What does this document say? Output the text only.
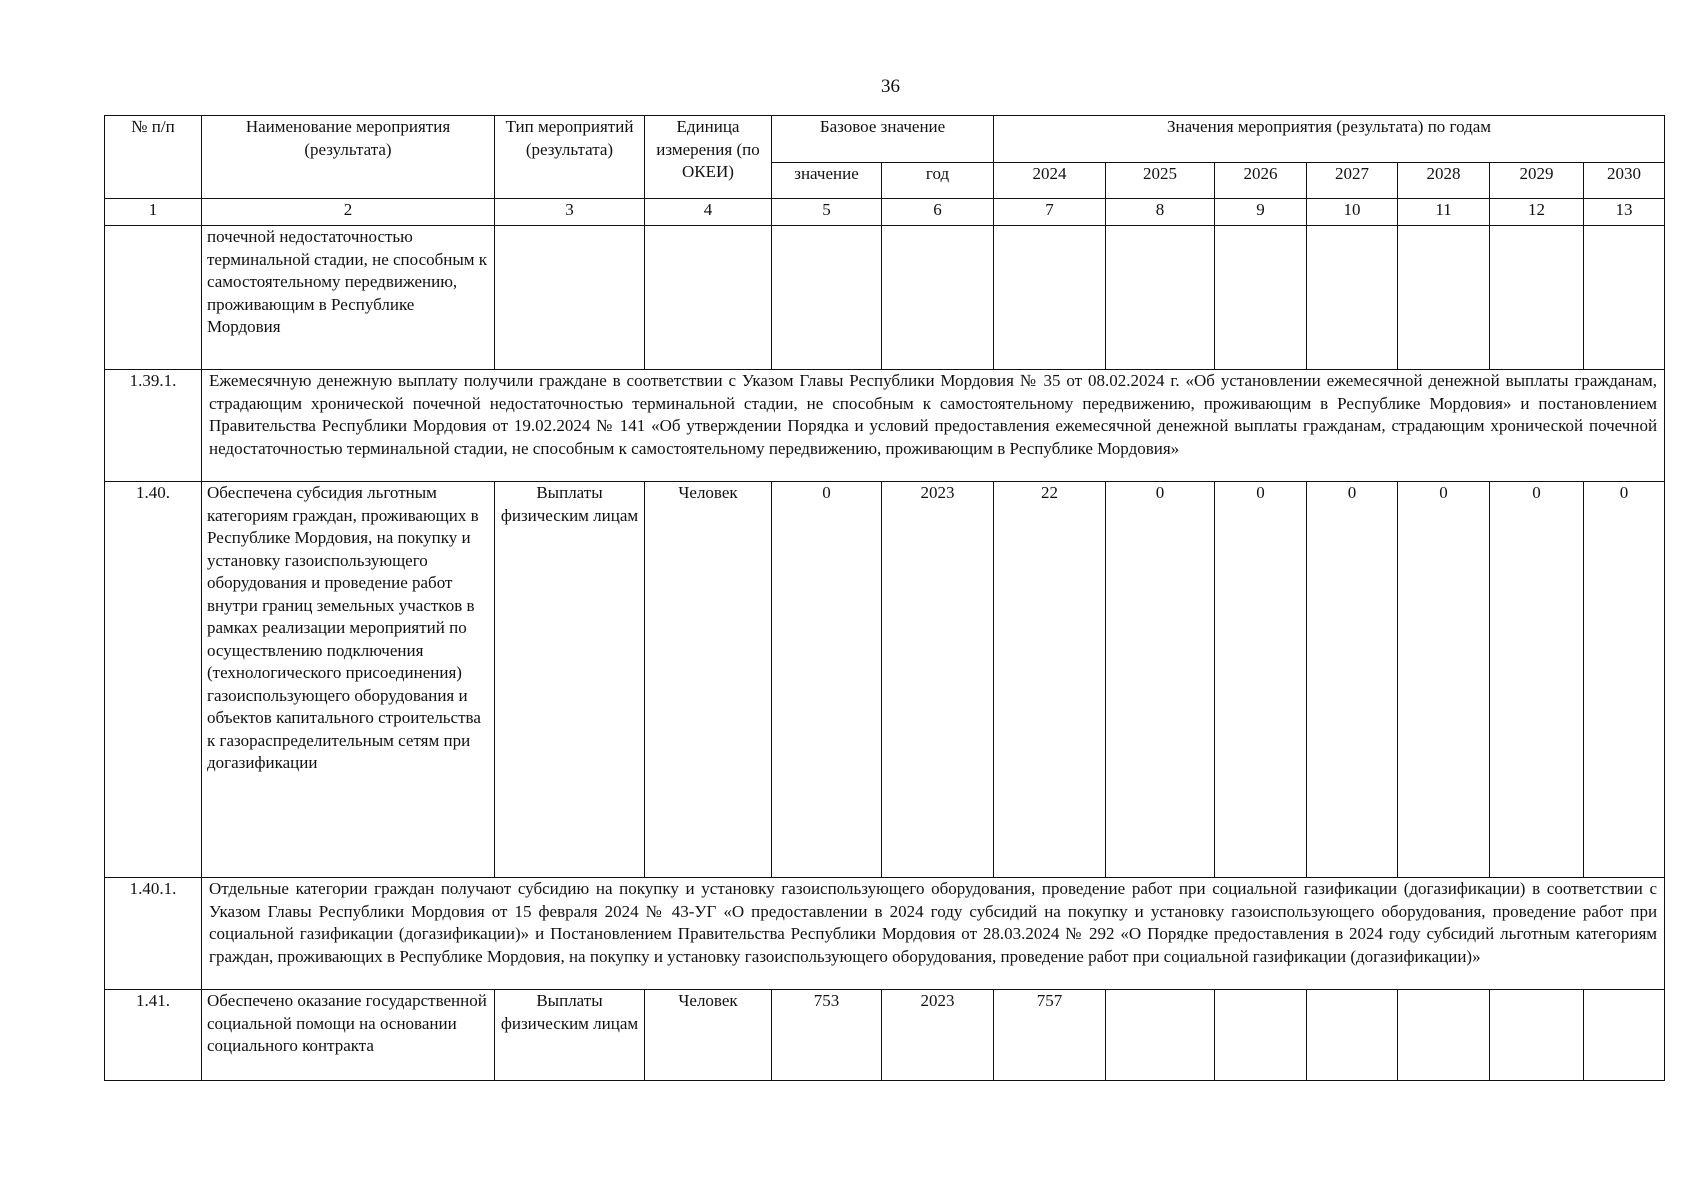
36
№ п/п	Наименование мероприятия (результата)	Тип мероприятий (результата)	Единица измерения (по ОКЕИ)	Базовое значение		Значения мероприятия (результата) по годам						
				значение	год	2024	2025	2026	2027	2028	2029	2030
1	2	3	4	5	6	7	8	9	10	11	12	13
	почечной недостаточностью терминальной стадии, не способным к самостоятельному передвижению, проживающим в Республике Мордовия											
1.39.1.	Ежемесячную денежную выплату получили граждане в соответствии с Указом Главы Республики Мордовия № 35 от 08.02.2024 г. «Об установлении ежемесячной денежной выплаты гражданам, страдающим хронической почечной недостаточностью терминальной стадии, не способным к самостоятельному передвижению, проживающим в Республике Мордовия» и постановлением Правительства Республики Мордовия от 19.02.2024 № 141 «Об утверждении Порядка и условий предоставления ежемесячной денежной выплаты гражданам, страдающим хронической почечной недостаточностью терминальной стадии, не способным к самостоятельному передвижению, проживающим в Республике Мордовия»											
1.40.	Обеспечена субсидия льготным категориям граждан, проживающих в Республике Мордовия, на покупку и установку газоиспользующего оборудования и проведение работ внутри границ земельных участков в рамках реализации мероприятий по осуществлению подключения (технологического присоединения) газоиспользующего оборудования и объектов капитального строительства к газораспределительным сетям при догазификации	Выплаты физическим лицам	Человек	0	2023	22	0	0	0	0	0	0
1.40.1.	Отдельные категории граждан получают субсидию на покупку и установку газоиспользующего оборудования, проведение работ при социальной газификации (догазификации) в соответствии с Указом Главы Республики Мордовия от 15 февраля 2024 № 43-УГ «О предоставлении в 2024 году субсидий на покупку и установку газоиспользующего оборудования, проведение работ при социальной газификации (догазификации)» и Постановлением Правительства Республики Мордовия от 28.03.2024 № 292 «О Порядке предоставления в 2024 году субсидий льготным категориям граждан, проживающих в Республике Мордовия, на покупку и установку газоиспользующего оборудования, проведение работ при социальной газификации (догазификации)»											
1.41.	Обеспечено оказание государственной социальной помощи на основании социального контракта	Выплаты физическим лицам	Человек	753	2023	757						
